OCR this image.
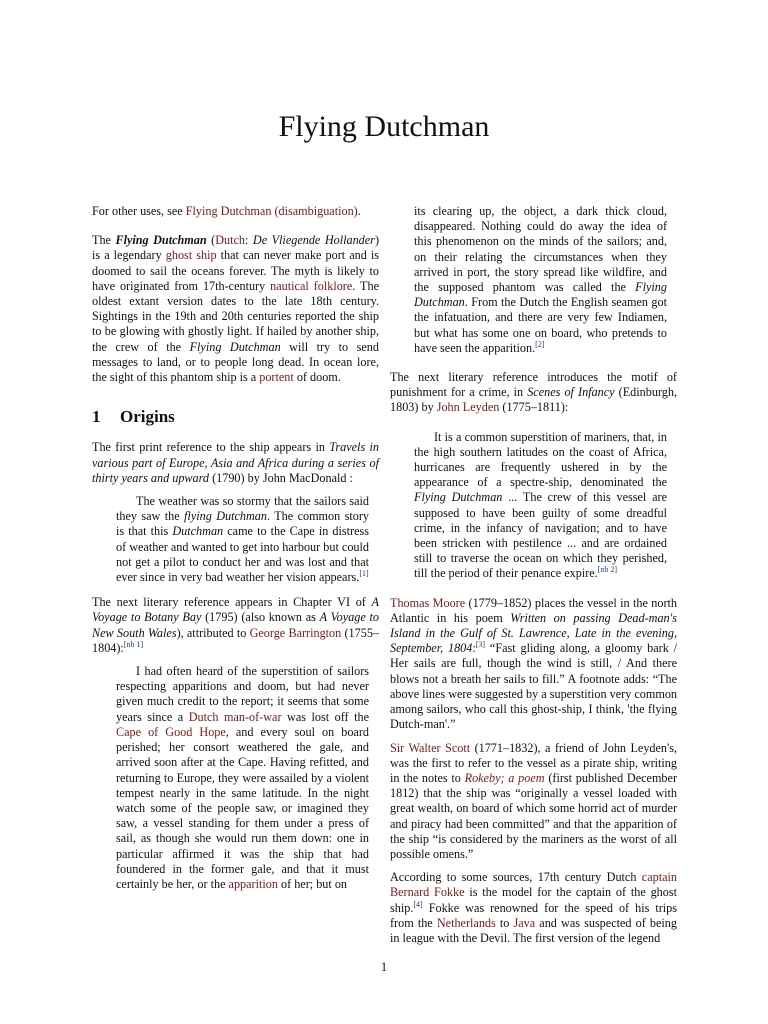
Flying Dutchman

For other uses, see Flying Dutchman (disambiguation).

The Flying Dutchman (Dutch: De Vliegende Hollander) is a legendary ghost ship that can never make port and is doomed to sail the oceans forever. The myth is likely to have originated from 17th-century nautical folklore. The oldest extant version dates to the late 18th century. Sightings in the 19th and 20th centuries reported the ship to be glowing with ghostly light. If hailed by another ship, the crew of the Flying Dutchman will try to send messages to land, or to people long dead. In ocean lore, the sight of this phantom ship is a portent of doom.

1 Origins

The first print reference to the ship appears in Travels in various part of Europe, Asia and Africa during a series of thirty years and upward (1790) by John MacDonald :

The weather was so stormy that the sailors said they saw the flying Dutchman. The common story is that this Dutchman came to the Cape in distress of weather and wanted to get into harbour but could not get a pilot to conduct her and was lost and that ever since in very bad weather her vision appears.[1]

The next literary reference appears in Chapter VI of A Voyage to Botany Bay (1795) (also known as A Voyage to New South Wales), attributed to George Barrington (1755–1804):[nb 1]

I had often heard of the superstition of sailors respecting apparitions and doom, but had never given much credit to the report; it seems that some years since a Dutch man-of-war was lost off the Cape of Good Hope, and every soul on board perished; her consort weathered the gale, and arrived soon after at the Cape. Having refitted, and returning to Europe, they were assailed by a violent tempest nearly in the same latitude. In the night watch some of the people saw, or imagined they saw, a vessel standing for them under a press of sail, as though she would run them down: one in particular affirmed it was the ship that had foundered in the former gale, and that it must certainly be her, or the apparition of her; but on

its clearing up, the object, a dark thick cloud, disappeared. Nothing could do away the idea of this phenomenon on the minds of the sailors; and, on their relating the circumstances when they arrived in port, the story spread like wildfire, and the supposed phantom was called the Flying Dutchman. From the Dutch the English seamen got the infatuation, and there are very few Indiamen, but what has some one on board, who pretends to have seen the apparition.[2]

The next literary reference introduces the motif of punishment for a crime, in Scenes of Infancy (Edinburgh, 1803) by John Leyden (1775–1811):

It is a common superstition of mariners, that, in the high southern latitudes on the coast of Africa, hurricanes are frequently ushered in by the appearance of a spectre-ship, denominated the Flying Dutchman ... The crew of this vessel are supposed to have been guilty of some dreadful crime, in the infancy of navigation; and to have been stricken with pestilence ... and are ordained still to traverse the ocean on which they perished, till the period of their penance expire.[nb 2]

Thomas Moore (1779–1852) places the vessel in the north Atlantic in his poem Written on passing Dead-man's Island in the Gulf of St. Lawrence, Late in the evening, September, 1804:[3] “Fast gliding along, a gloomy bark / Her sails are full, though the wind is still, / And there blows not a breath her sails to fill.” A footnote adds: “The above lines were suggested by a superstition very common among sailors, who call this ghost-ship, I think, 'the flying Dutch-man'.”

Sir Walter Scott (1771–1832), a friend of John Leyden's, was the first to refer to the vessel as a pirate ship, writing in the notes to Rokeby; a poem (first published December 1812) that the ship was “originally a vessel loaded with great wealth, on board of which some horrid act of murder and piracy had been committed” and that the apparition of the ship “is considered by the mariners as the worst of all possible omens.”

According to some sources, 17th century Dutch captain Bernard Fokke is the model for the captain of the ghost ship.[4] Fokke was renowned for the speed of his trips from the Netherlands to Java and was suspected of being in league with the Devil. The first version of the legend

1
